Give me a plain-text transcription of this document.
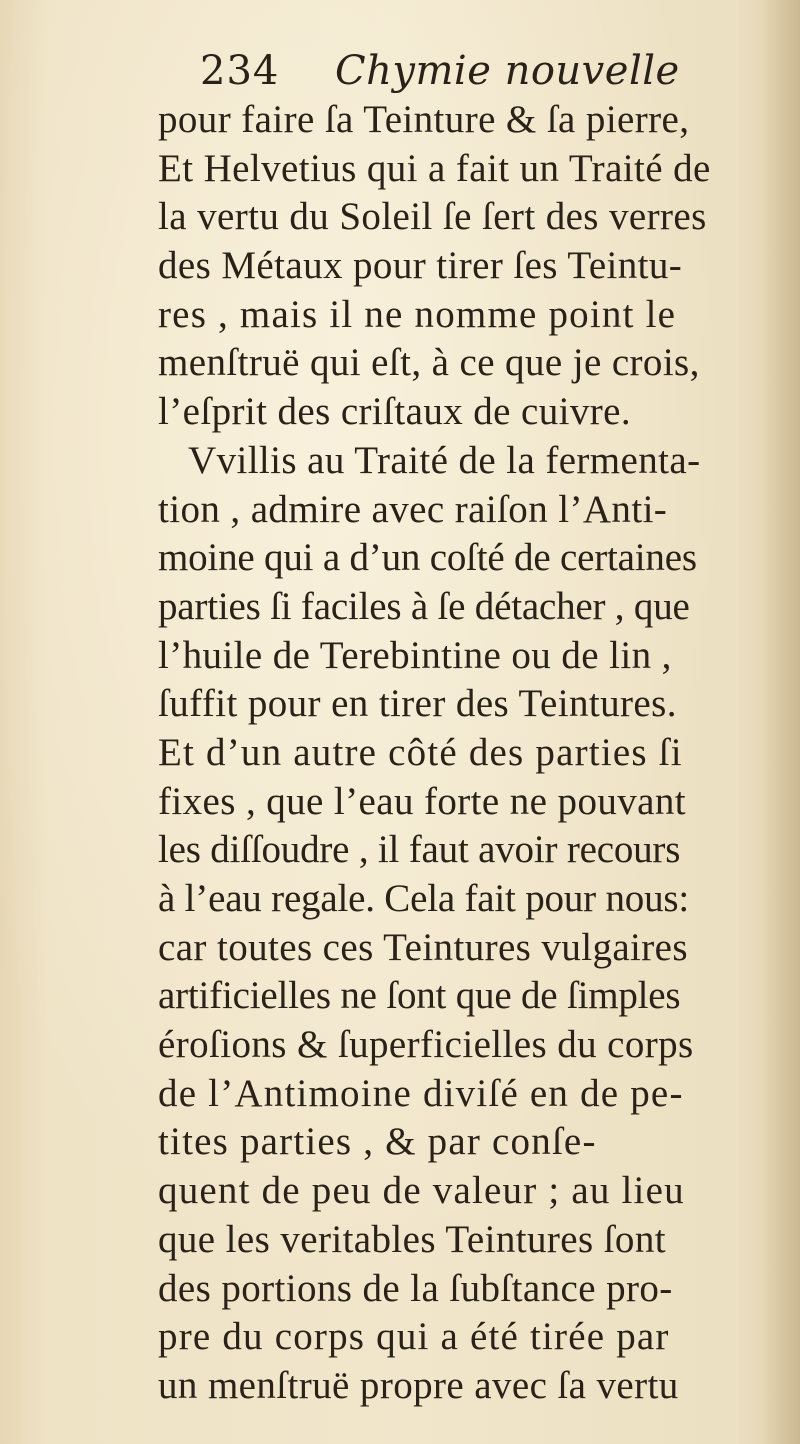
234 Chymie nouvelle
pour faire ſa Teinture & ſa pierre,
Et Helvetius qui a fait un Traité de
la vertu du Soleil ſe ſert des verres
des Métaux pour tirer ſes Teintu-
res , mais il ne nomme point le
menſtruë qui eſt, à ce que je crois,
l’eſprit des criſtaux de cuivre.
Vvillis au Traité de la fermenta-
tion , admire avec raiſon l’Anti-
moine qui a d’un coſté de certaines
parties ſi faciles à ſe détacher , que
l’huile de Terebintine ou de lin ,
ſuffit pour en tirer des Teintures.
Et d’un autre côté des parties ſi
fixes , que l’eau forte ne pouvant
les diſſoudre , il faut avoir recours
à l’eau regale. Cela fait pour nous:
car toutes ces Teintures vulgaires
artificielles ne ſont que de ſimples
éroſions & ſuperficielles du corps
de l’Antimoine diviſé en de pe-
tites parties , & par conſe-
quent de peu de valeur ; au lieu
que les veritables Teintures ſont
des portions de la ſubſtance pro-
pre du corps qui a été tirée par
un menſtruë propre avec ſa vertu
